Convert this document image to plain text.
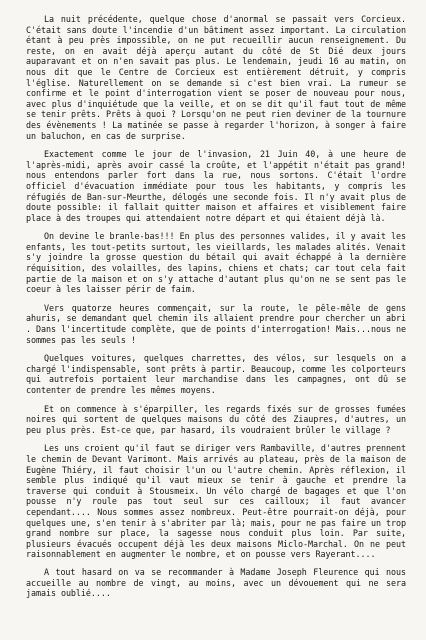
La nuit précédente, quelque chose d'anormal se passait vers Corcieux. C'était sans doute l'incendie d'un bâtiment assez important. La circulation étant à peu près impossible, on ne put recueillir aucun renseignement. Du reste, on en avait déjà aperçu autant du côté de St Dié deux jours auparavant et on n'en savait pas plus. Le lendemain, jeudi 16 au matin, on nous dit que le Centre de Corcieux est entièrement détruit, y compris l'église. Naturellement on se demande si c'est bien vrai. La rumeur se confirme et le point d'interrogation vient se poser de nouveau pour nous, avec plus d'inquiétude que la veille, et on se dit qu'il faut tout de même se tenir prêts. Prêts à quoi ? Lorsqu'on ne peut rien deviner de la tournure des évènements ! La matinée se passe à regarder l'horizon, à songer à faire un baluchon, en cas de surprise.

Exactement comme le jour de l'invasion, 21 Juin 40, à une heure de l'après-midi, après avoir cassé la croûte, et l'appétit n'était pas grand! nous entendons parler fort dans la rue, nous sortons. C'était l'ordre officiel d'évacuation immédiate pour tous les habitants, y compris les réfugiés de Ban-sur-Meurthe, délogés une seconde fois. Il n'y avait plus de doute possible: il fallait quitter maison et affaires et visiblement faire place à des troupes qui attendaient notre départ et qui étaient déjà là.

On devine le branle-bas!!! En plus des personnes valides, il y avait les enfants, les tout-petits surtout, les vieillards, les malades alités. Venait s'y joindre la grosse question du bétail qui avait échappé à la dernière réquisition, des volailles, des lapins, chiens et chats; car tout cela fait partie de la maison et on s'y attache d'autant plus qu'on ne se sent pas le coeur à les laisser périr de faim.

Vers quatorze heures commençait, sur la route, le pêle-mêle de gens ahuris, se demandant quel chemin ils allaient prendre pour chercher un abri . Dans l'incertitude complète, que de points d'interrogation! Mais...nous ne sommes pas les seuls !

Quelques voitures, quelques charrettes, des vélos, sur lesquels on a chargé l'indispensable, sont prêts à partir. Beaucoup, comme les colporteurs qui autrefois portaient leur marchandise dans les campagnes, ont dû se contenter de prendre les mêmes moyens.

Et on commence à s'éparpiller, les regards fixés sur de grosses fumées noires qui sortent de quelques maisons du côté des Ziaupres, d'autres, un peu plus près. Est-ce que, par hasard, ils voudraient brûler le village ?

Les uns croient qu'il faut se diriger vers Rambaville, d'autres prennent le chemin de Devant Varimont. Mais arrivés au plateau, près de la maison de Eugène Thiéry, il faut choisir l'un ou l'autre chemin. Après réflexion, il semble plus indiqué qu'il vaut mieux se tenir à gauche et prendre la traverse qui conduit à Stousmeix. Un vélo chargé de bagages et que l'on pousse n'y roule pas tout seul sur ces cailloux; il faut avancer cependant.... Nous sommes assez nombreux. Peut-être pourrait-on déjà, pour quelques une, s'en tenir à s'abriter par là; mais, pour ne pas faire un trop grand nombre sur place, la sagesse nous conduit plus loin. Par suite, plusieurs évacués occupent déjà les deux maisons Miclo-Marchal. On ne peut raisonnablement en augmenter le nombre, et on pousse vers Rayerant....

A tout hasard on va se recommander à Madame Joseph Fleurence qui nous accueille au nombre de vingt, au moins, avec un dévouement qui ne sera jamais oublié....
